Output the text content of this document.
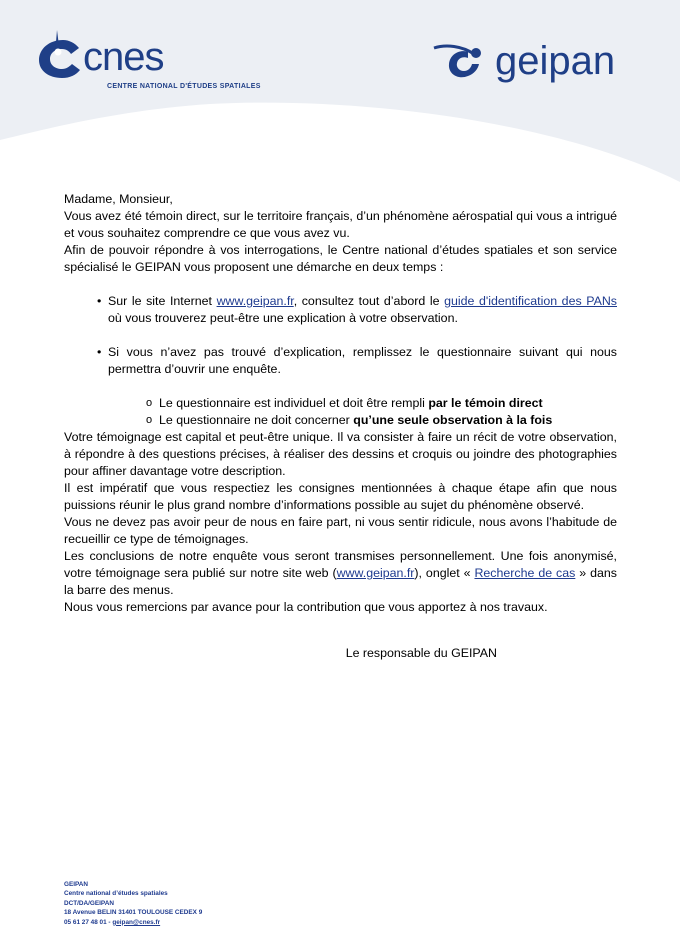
cnes
CENTRE NATIONAL D'ÉTUDES SPATIALES
geipan

Madame, Monsieur,

Vous avez été témoin direct, sur le territoire français, d’un phénomène aérospatial qui vous a intrigué et vous souhaitez comprendre ce que vous avez vu.

Afin de pouvoir répondre à vos interrogations, le Centre national d’études spatiales et son service spécialisé le GEIPAN vous proposent une démarche en deux temps :

• Sur le site Internet www.geipan.fr, consultez tout d’abord le guide d'identification des PANs où vous trouverez peut-être une explication à votre observation.
• Si vous n’avez pas trouvé d’explication, remplissez le questionnaire suivant qui nous permettra d’ouvrir une enquête.
o Le questionnaire est individuel et doit être rempli par le témoin direct
o Le questionnaire ne doit concerner qu’une seule observation à la fois

Votre témoignage est capital et peut-être unique. Il va consister à faire un récit de votre observation, à répondre à des questions précises, à réaliser des dessins et croquis ou joindre des photographies pour affiner davantage votre description.

Il est impératif que vous respectiez les consignes mentionnées à chaque étape afin que nous puissions réunir le plus grand nombre d’informations possible au sujet du phénomène observé.

Vous ne devez pas avoir peur de nous en faire part, ni vous sentir ridicule, nous avons l’habitude de recueillir ce type de témoignages.

Les conclusions de notre enquête vous seront transmises personnellement. Une fois anonymisé, votre témoignage sera publié sur notre site web (www.geipan.fr), onglet « Recherche de cas » dans la barre des menus.

Nous vous remercions par avance pour la contribution que vous apportez à nos travaux.

Le responsable du GEIPAN

GEIPAN
Centre national d’études spatiales
DCT/DA/GEIPAN
18 Avenue BELIN 31401 TOULOUSE CEDEX 9
05 61 27 48 01 - geipan@cnes.fr
